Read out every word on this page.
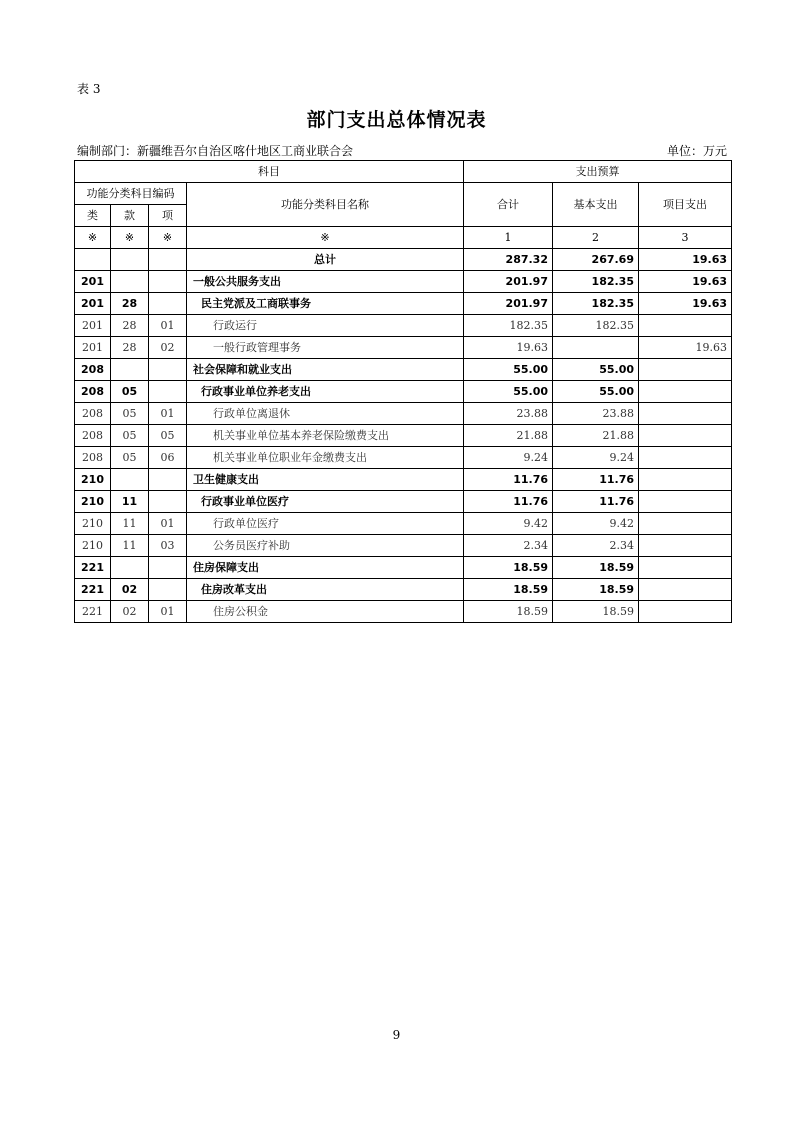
表 3
部门支出总体情况表
编制部门：新疆维吾尔自治区喀什地区工商业联合会	单位：万元
科目				支出预算		
功能分类科目编码			功能分类科目名称	合计	基本支出	项目支出
类	款	项				
※	※	※	※	1	2	3
			总计	287.32	267.69	19.63
201			一般公共服务支出	201.97	182.35	19.63
201	28		民主党派及工商联事务	201.97	182.35	19.63
201	28	01	行政运行	182.35	182.35	
201	28	02	一般行政管理事务	19.63		19.63
208			社会保障和就业支出	55.00	55.00	
208	05		行政事业单位养老支出	55.00	55.00	
208	05	01	行政单位离退休	23.88	23.88	
208	05	05	机关事业单位基本养老保险缴费支出	21.88	21.88	
208	05	06	机关事业单位职业年金缴费支出	9.24	9.24	
210			卫生健康支出	11.76	11.76	
210	11		行政事业单位医疗	11.76	11.76	
210	11	01	行政单位医疗	9.42	9.42	
210	11	03	公务员医疗补助	2.34	2.34	
221			住房保障支出	18.59	18.59	
221	02		住房改革支出	18.59	18.59	
221	02	01	住房公积金	18.59	18.59	
9
